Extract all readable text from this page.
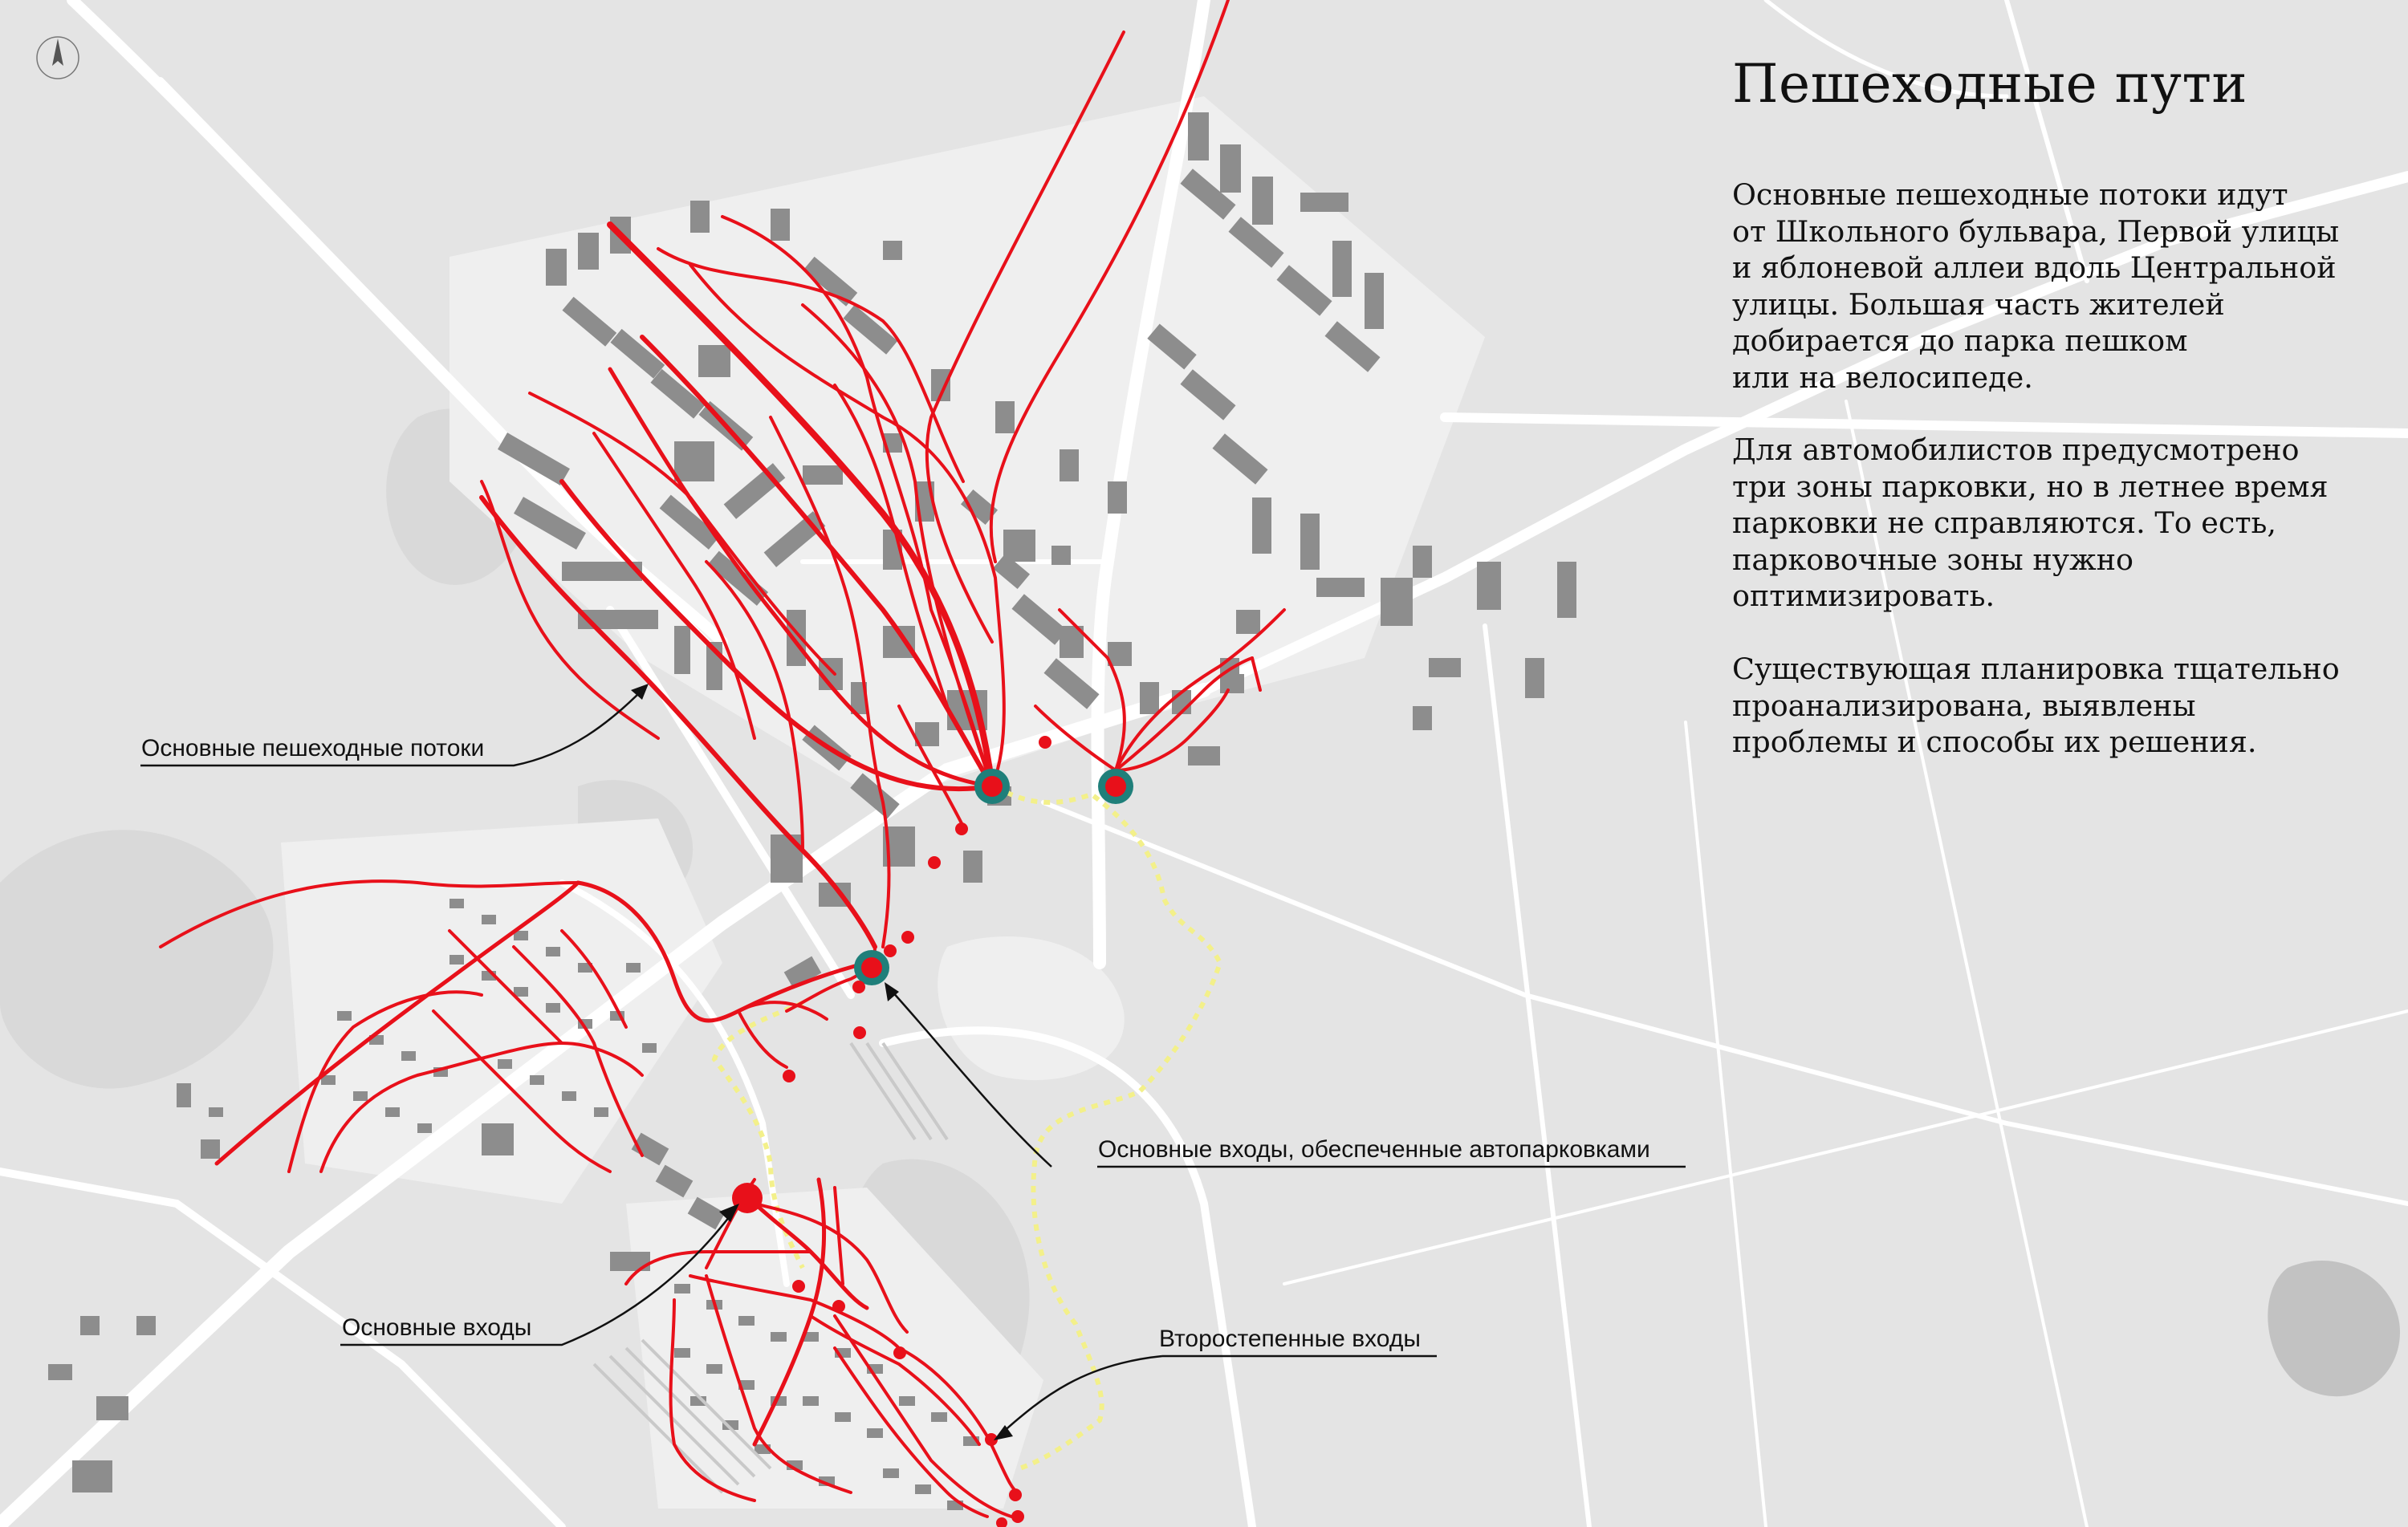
Пешеходные пути

Основные пешеходные потоки идут
от Школьного бульвара, Первой улицы
и яблоневой аллеи вдоль Центральной
улицы. Большая часть жителей
добирается до парка пешком
или на велосипеде.

Для автомобилистов предусмотрено
три зоны парковки, но в летнее время
парковки не справляются. То есть,
парковочные зоны нужно
оптимизировать.

Существующая планировка тщательно
проанализирована, выявлены
проблемы и способы их решения.

Основные пешеходные потоки
Основные входы, обеспеченные автопарковками
Основные входы	Второстепенные входы
